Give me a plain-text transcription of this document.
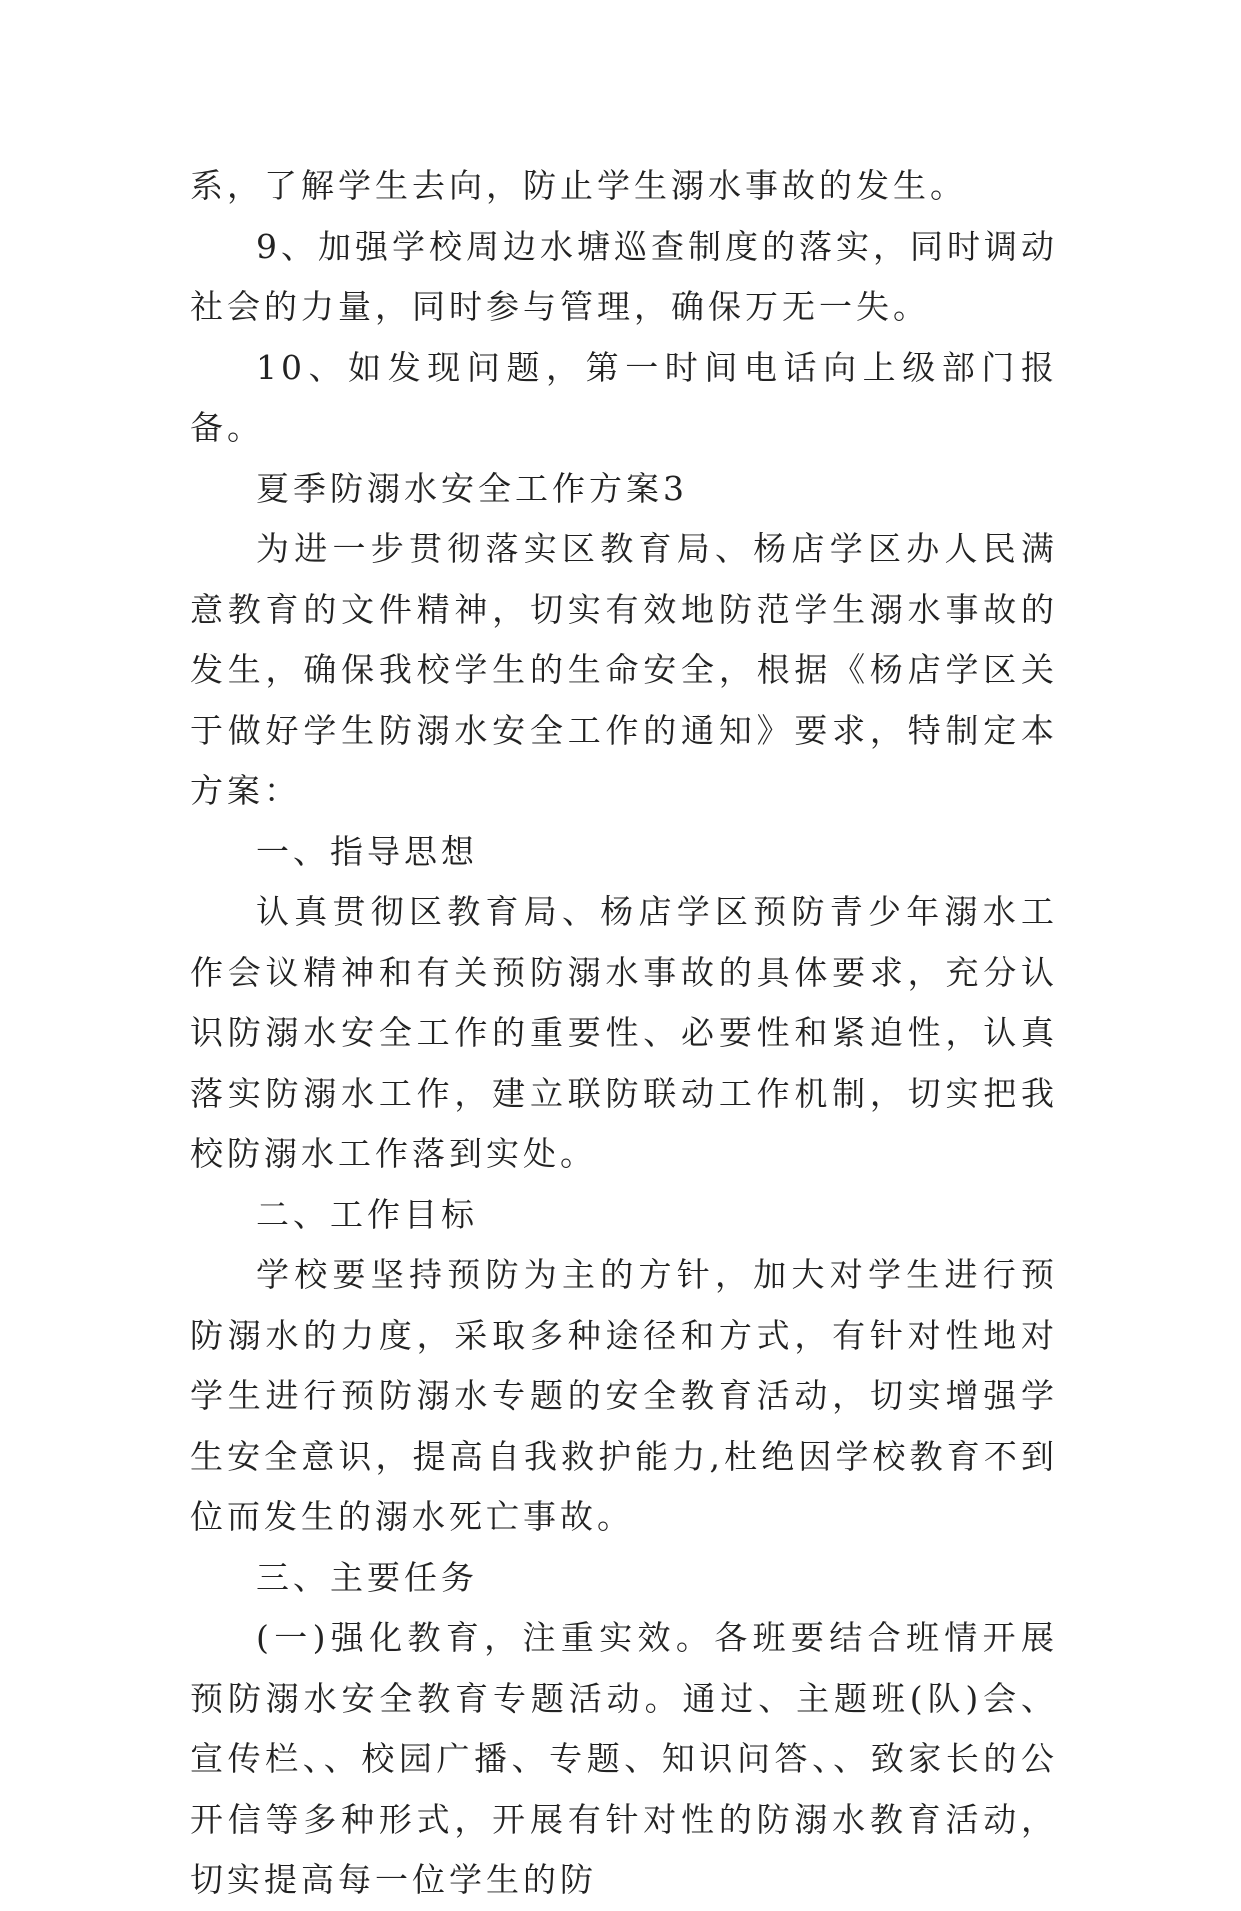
系，了解学生去向，防止学生溺水事故的发生。

9、加强学校周边水塘巡查制度的落实，同时调动社会的力量，同时参与管理，确保万无一失。

10、如发现问题，第一时间电话向上级部门报备。

夏季防溺水安全工作方案3

为进一步贯彻落实区教育局、杨店学区办人民满意教育的文件精神，切实有效地防范学生溺水事故的发生，确保我校学生的生命安全，根据《杨店学区关于做好学生防溺水安全工作的通知》要求，特制定本方案：

一、指导思想

认真贯彻区教育局、杨店学区预防青少年溺水工作会议精神和有关预防溺水事故的具体要求，充分认识防溺水安全工作的重要性、必要性和紧迫性，认真落实防溺水工作，建立联防联动工作机制，切实把我校防溺水工作落到实处。

二、工作目标

学校要坚持预防为主的方针，加大对学生进行预防溺水的力度，采取多种途径和方式，有针对性地对学生进行预防溺水专题的安全教育活动，切实增强学生安全意识，提高自我救护能力,杜绝因学校教育不到位而发生的溺水死亡事故。

三、主要任务

(一)强化教育，注重实效。各班要结合班情开展预防溺水安全教育专题活动。通过、主题班(队)会、宣传栏、、校园广播、专题、知识问答、、致家长的公开信等多种形式，开展有针对性的防溺水教育活动，切实提高每一位学生的防
